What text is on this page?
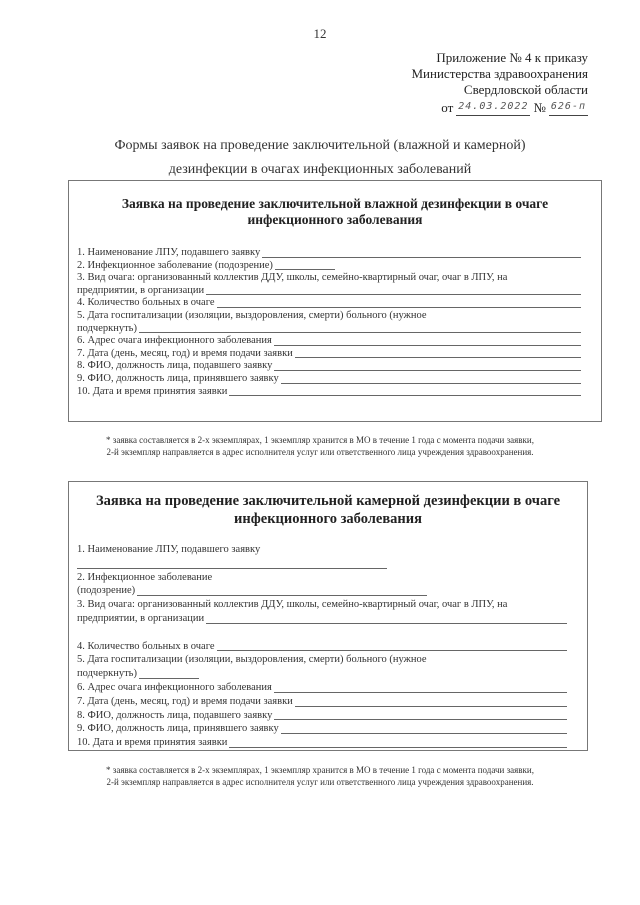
12
Приложение № 4 к приказу
Министерства здравоохранения
Свердловской области
от 24.03.2022 № 626-п
Формы заявок на проведение заключительной (влажной и камерной)
дезинфекции в очагах инфекционных заболеваний
Заявка на проведение заключительной влажной дезинфекции в очаге
инфекционного заболевания
1. Наименование ЛПУ, подавшего заявку
2. Инфекционное заболевание (подозрение)
3. Вид очага: организованный коллектив ДДУ, школы, семейно-квартирный очаг, очаг в ЛПУ, на
предприятии, в организации
4. Количество больных в очаге
5. Дата госпитализации (изоляции, выздоровления, смерти) больного (нужное
подчеркнуть)
6. Адрес очага инфекционного заболевания
7. Дата (день, месяц, год) и время подачи заявки
8. ФИО, должность лица, подавшего заявку
9. ФИО, должность лица, принявшего заявку
10. Дата и время принятия заявки
* заявка составляется в 2-х экземплярах, 1 экземпляр хранится в МО в течение 1 года с момента подачи заявки,
2-й экземпляр направляется в адрес исполнителя услуг или ответственного лица учреждения здравоохранения.
Заявка на проведение заключительной камерной дезинфекции в очаге
инфекционного заболевания
1. Наименование ЛПУ, подавшего заявку
2. Инфекционное заболевание
(подозрение)
3. Вид очага: организованный коллектив ДДУ, школы, семейно-квартирный очаг, очаг в ЛПУ, на
предприятии, в организации
4. Количество больных в очаге
5. Дата госпитализации (изоляции, выздоровления, смерти) больного (нужное
подчеркнуть)
6. Адрес очага инфекционного заболевания
7. Дата (день, месяц, год) и время подачи заявки
8. ФИО, должность лица, подавшего заявку
9. ФИО, должность лица, принявшего заявку
10. Дата и время принятия заявки
* заявка составляется в 2-х экземплярах, 1 экземпляр хранится в МО в течение 1 года с момента подачи заявки,
2-й экземпляр направляется в адрес исполнителя услуг или ответственного лица учреждения здравоохранения.
